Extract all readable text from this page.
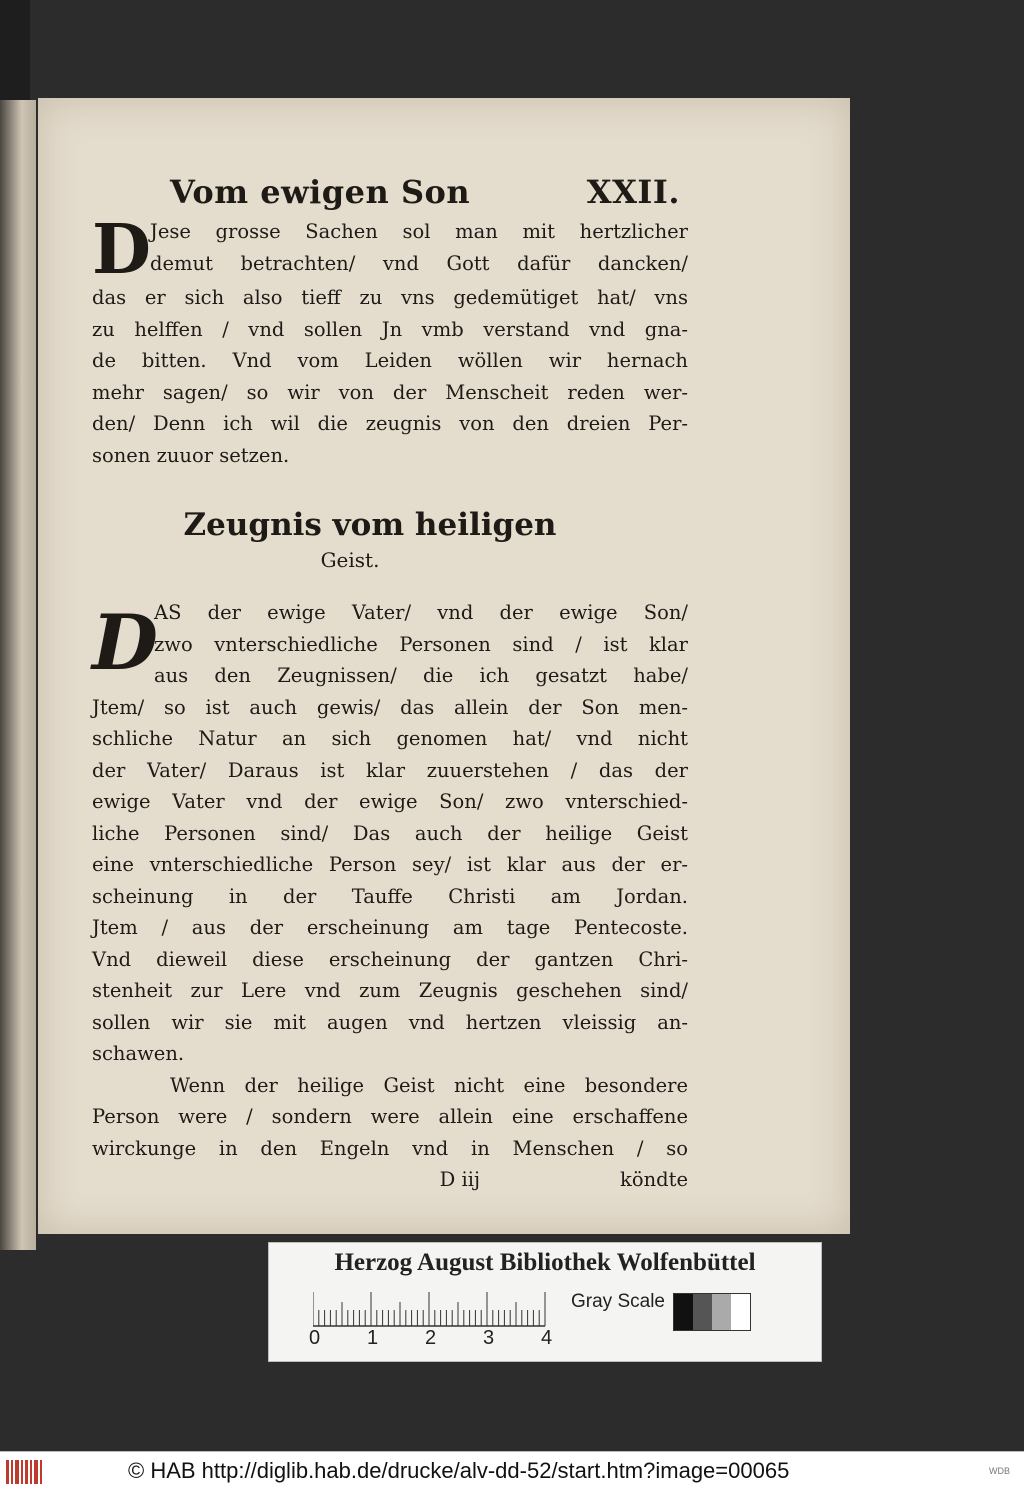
Vom ewigen Son	XXII.
D Jese grosse Sachen sol man mit hertzlicher
demut betrachten/ vnd Gott dafür dancken/
das er sich also tieff zu vns gedemütiget hat/ vns
zu helffen / vnd sollen Jn vmb verstand vnd gna-
de bitten. Vnd vom Leiden wöllen wir hernach
mehr sagen/ so wir von der Menscheit reden wer-
den/ Denn ich wil die zeugnis von den dreien Per-
sonen zuuor setzen.
Zeugnis vom heiligen
Geist.
D
AS der ewige Vater/ vnd der ewige Son/
zwo vnterschiedliche Personen sind / ist klar
aus den Zeugnissen/ die ich gesatzt habe/
Jtem/ so ist auch gewis/ das allein der Son men-
schliche Natur an sich genomen hat/ vnd nicht
der Vater/ Daraus ist klar zuuerstehen / das der
ewige Vater vnd der ewige Son/ zwo vnterschied-
liche Personen sind/ Das auch der heilige Geist
eine vnterschiedliche Person sey/ ist klar aus der er-
scheinung in der Tauffe Christi am Jordan.
Jtem / aus der erscheinung am tage Pentecoste.
Vnd dieweil diese erscheinung der gantzen Chri-
stenheit zur Lere vnd zum Zeugnis geschehen sind/
sollen wir sie mit augen vnd hertzen vleissig an-
schawen.
Wenn der heilige Geist nicht eine besondere
Person were / sondern were allein eine erschaffene
wirckunge in den Engeln vnd in Menschen / so
D iij	köndte
Herzog August Bibliothek Wolfenbüttel
0 1 2 3 4
Gray Scale
© HAB http://diglib.hab.de/drucke/alv-dd-52/start.htm?image=00065	WDB
